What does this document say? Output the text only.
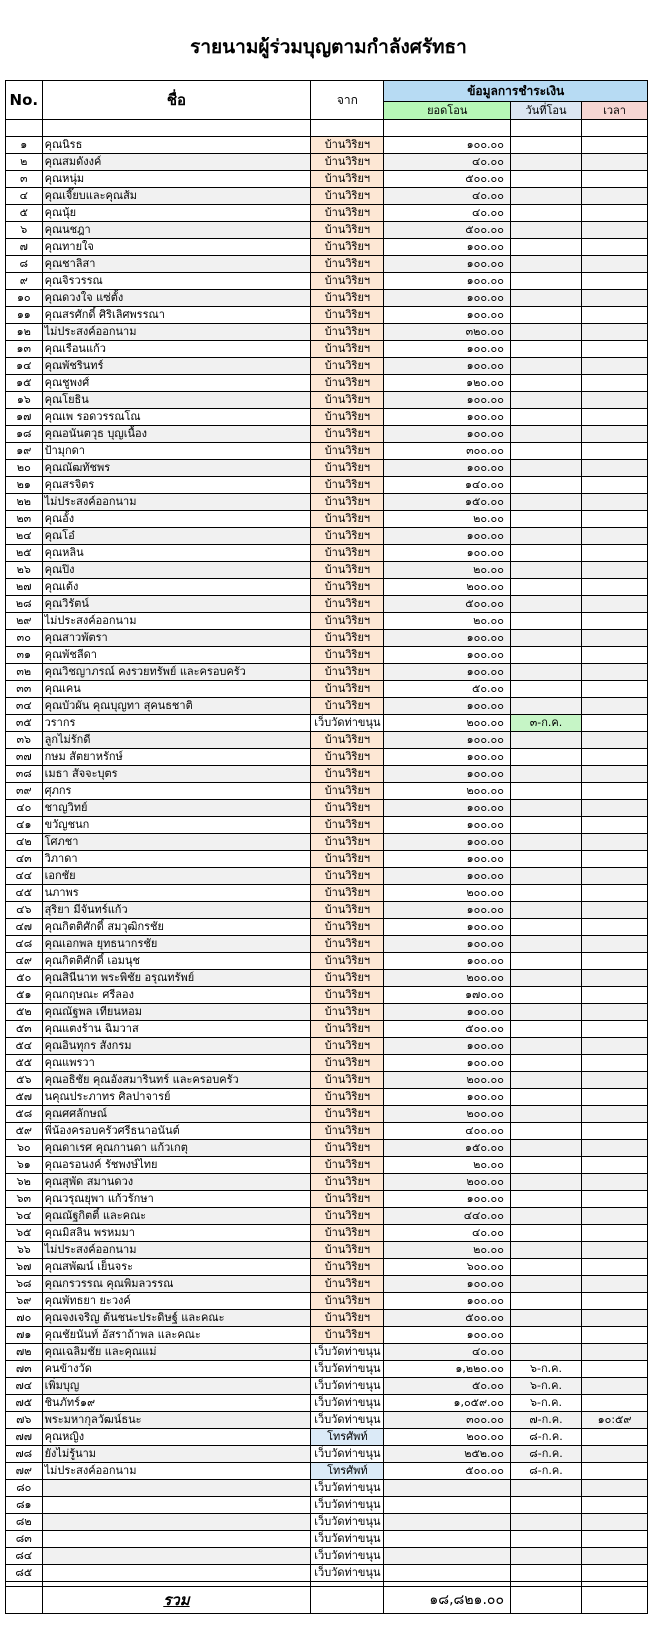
รายนามผู้ร่วมบุญตามกำลังศรัทธา
No.	ชื่อ	จาก	ข้อมูลการชำระเงิน		
			ยอดโอน	วันที่โอน	เวลา

๑	คุณนิรธ	บ้านวิริยฯ	๑๐๐.๐๐		
๒	คุณสมดังงค์	บ้านวิริยฯ	๔๐.๐๐		
๓	คุณหนุ่ม	บ้านวิริยฯ	๕๐๐.๐๐		
๔	คุณเจี๊ยบและคุณส้ม	บ้านวิริยฯ	๔๐.๐๐		
๕	คุณนุ้ย	บ้านวิริยฯ	๔๐.๐๐		
๖	คุณนชฎา	บ้านวิริยฯ	๕๐๐.๐๐		
๗	คุณทายใจ	บ้านวิริยฯ	๑๐๐.๐๐		
๘	คุณชาลิสา	บ้านวิริยฯ	๑๐๐.๐๐		
๙	คุณจิรวรรณ	บ้านวิริยฯ	๑๐๐.๐๐		
๑๐	คุณดวงใจ แซ่ตั้ง	บ้านวิริยฯ	๑๐๐.๐๐		
๑๑	คุณสรศักดิ์ ศิริเลิศพรรณา	บ้านวิริยฯ	๑๐๐.๐๐		
๑๒	ไม่ประสงค์ออกนาม	บ้านวิริยฯ	๓๒๐.๐๐		
๑๓	คุณเรือนแก้ว	บ้านวิริยฯ	๑๐๐.๐๐		
๑๔	คุณพัชรินทร์	บ้านวิริยฯ	๑๐๐.๐๐		
๑๕	คุณชูพงศ์	บ้านวิริยฯ	๑๒๐.๐๐		
๑๖	คุณโยธิน	บ้านวิริยฯ	๑๐๐.๐๐		
๑๗	คุณเพ รอดวรรณโณ	บ้านวิริยฯ	๑๐๐.๐๐		
๑๘	คุณอนันตวุธ บุญเนื้อง	บ้านวิริยฯ	๑๐๐.๐๐		
๑๙	ป้ามุกดา	บ้านวิริยฯ	๓๐๐.๐๐		
๒๐	คุณณัฒทัชพร	บ้านวิริยฯ	๑๐๐.๐๐		
๒๑	คุณสรจิตร	บ้านวิริยฯ	๑๔๐.๐๐		
๒๒	ไม่ประสงค์ออกนาม	บ้านวิริยฯ	๑๕๐.๐๐		
๒๓	คุณอั้ง	บ้านวิริยฯ	๒๐.๐๐		
๒๔	คุณโอ๋	บ้านวิริยฯ	๑๐๐.๐๐		
๒๕	คุณหลิน	บ้านวิริยฯ	๑๐๐.๐๐		
๒๖	คุณปิง	บ้านวิริยฯ	๒๐.๐๐		
๒๗	คุณเต้ง	บ้านวิริยฯ	๒๐๐.๐๐		
๒๘	คุณวิรัตน์	บ้านวิริยฯ	๕๐๐.๐๐		
๒๙	ไม่ประสงค์ออกนาม	บ้านวิริยฯ	๒๐.๐๐		
๓๐	คุณสาวพัตรา	บ้านวิริยฯ	๑๐๐.๐๐		
๓๑	คุณพัชลีดา	บ้านวิริยฯ	๑๐๐.๐๐		
๓๒	คุณวิชญาภรณ์ คงรวยทรัพย์ และครอบครัว	บ้านวิริยฯ	๑๐๐.๐๐		
๓๓	คุณเคน	บ้านวิริยฯ	๕๐.๐๐		
๓๔	คุณบัวผัน คุณบุญทา สุคนธชาติ	บ้านวิริยฯ	๑๐๐.๐๐		
๓๕	วรากร	เว็บวัดท่าขนุน	๒๐๐.๐๐	๓-ก.ค.	
๓๖	ลูกไม่รักดี	บ้านวิริยฯ	๑๐๐.๐๐		
๓๗	กษม สัตยาหรักษ์	บ้านวิริยฯ	๑๐๐.๐๐		
๓๘	เมธา สัจจะบุตร	บ้านวิริยฯ	๑๐๐.๐๐		
๓๙	ศุภกร	บ้านวิริยฯ	๒๐๐.๐๐		
๔๐	ชาญวิทย์	บ้านวิริยฯ	๑๐๐.๐๐		
๔๑	ขวัญชนก	บ้านวิริยฯ	๑๐๐.๐๐		
๔๒	โศภชา	บ้านวิริยฯ	๑๐๐.๐๐		
๔๓	วิภาดา	บ้านวิริยฯ	๑๐๐.๐๐		
๔๔	เอกชัย	บ้านวิริยฯ	๑๐๐.๐๐		
๔๕	นภาพร	บ้านวิริยฯ	๒๐๐.๐๐		
๔๖	สุริยา มีจันทร์แก้ว	บ้านวิริยฯ	๑๐๐.๐๐		
๔๗	คุณกิตติศักดิ์ สมวุฒิกรชัย	บ้านวิริยฯ	๑๐๐.๐๐		
๔๘	คุณเอกพล ยุทธนากรชัย	บ้านวิริยฯ	๑๐๐.๐๐		
๔๙	คุณกิตติศักดิ์ เอมนุช	บ้านวิริยฯ	๑๐๐.๐๐		
๕๐	คุณสินีนาท พระพิชัย อรุณทรัพย์	บ้านวิริยฯ	๒๐๐.๐๐		
๕๑	คุณกฤษณะ ศรีลอง	บ้านวิริยฯ	๑๗๐.๐๐		
๕๒	คุณณัฐพล เทียนหอม	บ้านวิริยฯ	๑๐๐.๐๐		
๕๓	คุณแตงร้าน ฉิมวาส	บ้านวิริยฯ	๕๐๐.๐๐		
๕๔	คุณอินทุกร สังกรม	บ้านวิริยฯ	๑๐๐.๐๐		
๕๕	คุณแพรวา	บ้านวิริยฯ	๑๐๐.๐๐		
๕๖	คุณอธิชัย คุณอังสมารินทร์ และครอบครัว	บ้านวิริยฯ	๒๐๐.๐๐		
๕๗	นคุณประภาทร ศิลปาจารย์	บ้านวิริยฯ	๑๐๐.๐๐		
๕๘	คุณศศลักษณ์	บ้านวิริยฯ	๒๐๐.๐๐		
๕๙	พี่น้องครอบครัวศรีธนาอนันต์	บ้านวิริยฯ	๔๐๐.๐๐		
๖๐	คุณดาเรศ คุณกานดา แก้วเกตุ	บ้านวิริยฯ	๑๕๐.๐๐		
๖๑	คุณอรอนงค์ รัชพงษ์ไทย	บ้านวิริยฯ	๒๐.๐๐		
๖๒	คุณสุพัด สมานดวง	บ้านวิริยฯ	๒๐๐.๐๐		
๖๓	คุณวรุณยุพา แก้วรักษา	บ้านวิริยฯ	๑๐๐.๐๐		
๖๔	คุณณัฐกิตติ์ และคณะ	บ้านวิริยฯ	๔๔๐.๐๐		
๖๕	คุณมิสลิน พรหมมา	บ้านวิริยฯ	๔๐.๐๐		
๖๖	ไม่ประสงค์ออกนาม	บ้านวิริยฯ	๒๐.๐๐		
๖๗	คุณสพัฒน์ เย็นจระ	บ้านวิริยฯ	๖๐๐.๐๐		
๖๘	คุณกรวรรณ คุณพิมลวรรณ	บ้านวิริยฯ	๑๐๐.๐๐		
๖๙	คุณพัทธยา ยะวงค์	บ้านวิริยฯ	๑๐๐.๐๐		
๗๐	คุณจงเจริญ ต้นชนะประดิษฐ์ และคณะ	บ้านวิริยฯ	๕๐๐.๐๐		
๗๑	คุณชัยนันท์ อัสราถ้าพล และคณะ	บ้านวิริยฯ	๑๐๐.๐๐		
๗๒	คุณเฉลิมชัย และคุณแม่	เว็บวัดท่าขนุน	๔๐.๐๐		
๗๓	คนข้างวัด	เว็บวัดท่าขนุน	๑,๒๒๐.๐๐	๖-ก.ค.	
๗๔	เพิ่มบุญ	เว็บวัดท่าขนุน	๕๐.๐๐	๖-ก.ค.	
๗๕	ชินภัทร์๑๙	เว็บวัดท่าขนุน	๑,๐๕๙.๐๐	๖-ก.ค.	
๗๖	พระมหากุลวัฒน์ธนะ	เว็บวัดท่าขนุน	๓๐๐.๐๐	๗-ก.ค.	๑๐:๕๙
๗๗	คุณหญิง	โทรศัพท์	๒๐๐.๐๐	๘-ก.ค.	
๗๘	ยังไม่รู้นาม	เว็บวัดท่าขนุน	๒๕๒.๐๐	๘-ก.ค.	
๗๙	ไม่ประสงค์ออกนาม	โทรศัพท์	๕๐๐.๐๐	๘-ก.ค.	
๘๐		เว็บวัดท่าขนุน			
๘๑		เว็บวัดท่าขนุน			
๘๒		เว็บวัดท่าขนุน			
๘๓		เว็บวัดท่าขนุน			
๘๔		เว็บวัดท่าขนุน			
๘๕		เว็บวัดท่าขนุน			

	รวม		๑๘,๘๒๑.๐๐		
